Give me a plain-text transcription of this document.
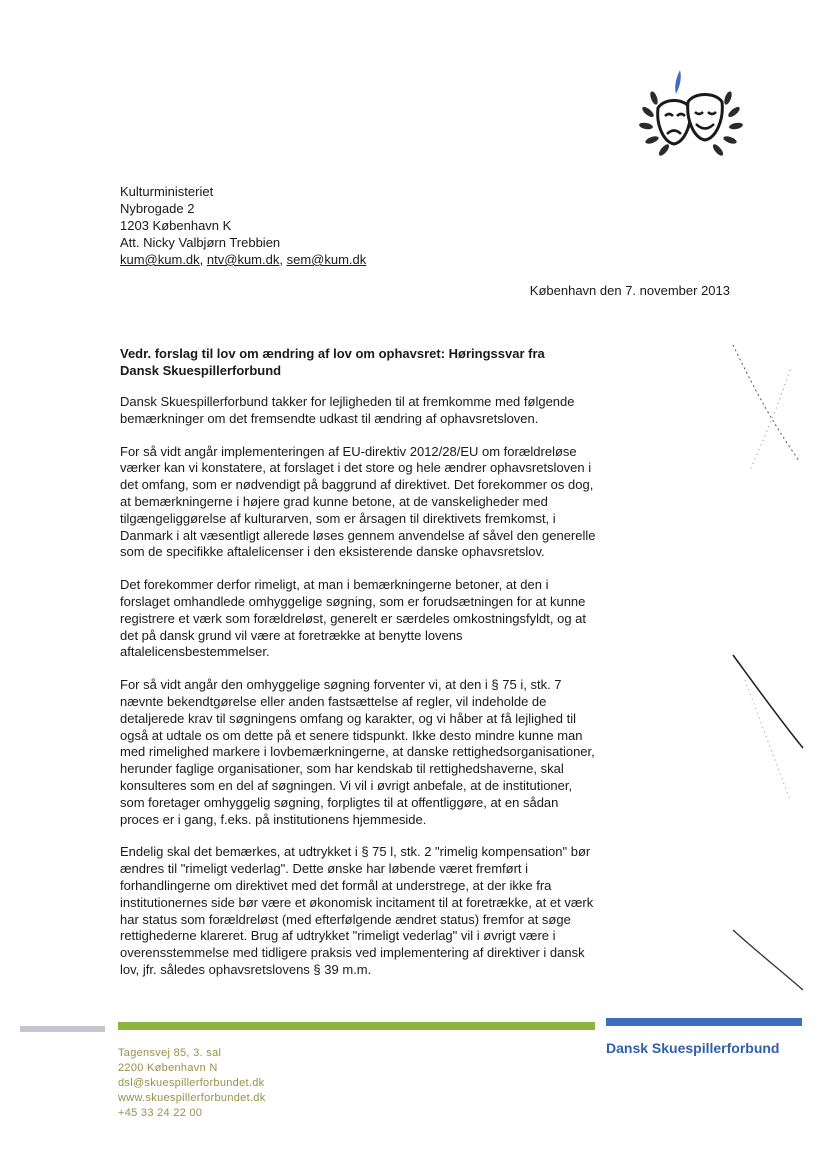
Kulturministeriet
Nybrogade 2
1203 København K
Att. Nicky Valbjørn Trebbien
kum@kum.dk, ntv@kum.dk, sem@kum.dk
København den 7. november 2013
Vedr. forslag til lov om ændring af lov om ophavsret: Høringssvar fra
Dansk Skuespillerforbund

Dansk Skuespillerforbund takker for lejligheden til at fremkomme med følgende bemærkninger om det fremsendte udkast til ændring af ophavsretsloven.

For så vidt angår implementeringen af EU-direktiv 2012/28/EU om forældreløse værker kan vi konstatere, at forslaget i det store og hele ændrer ophavsretsloven i det omfang, som er nødvendigt på baggrund af direktivet. Det forekommer os dog, at bemærkningerne i højere grad kunne betone, at de vanskeligheder med tilgængeliggørelse af kulturarven, som er årsagen til direktivets fremkomst, i Danmark i alt væsentligt allerede løses gennem anvendelse af såvel den generelle som de specifikke aftalelicenser i den eksisterende danske ophavsretslov.

Det forekommer derfor rimeligt, at man i bemærkningerne betoner, at den i forslaget omhandlede omhyggelige søgning, som er forudsætningen for at kunne registrere et værk som forældreløst, generelt er særdeles omkostningsfyldt, og at det på dansk grund vil være at foretrække at benytte lovens aftalelicensbestemmelser.

For så vidt angår den omhyggelige søgning forventer vi, at den i § 75 i, stk. 7 nævnte bekendtgørelse eller anden fastsættelse af regler, vil indeholde de detaljerede krav til søgningens omfang og karakter, og vi håber at få lejlighed til også at udtale os om dette på et senere tidspunkt. Ikke desto mindre kunne man med rimelighed markere i lovbemærkningerne, at danske rettighedsorganisationer, herunder faglige organisationer, som har kendskab til rettighedshaverne, skal konsulteres som en del af søgningen. Vi vil i øvrigt anbefale, at de institutioner, som foretager omhyggelig søgning, forpligtes til at offentliggøre, at en sådan proces er i gang, f.eks. på institutionens hjemmeside.

Endelig skal det bemærkes, at udtrykket i § 75 l, stk. 2 "rimelig kompensation" bør ændres til "rimeligt vederlag". Dette ønske har løbende været fremført i forhandlingerne om direktivet med det formål at understrege, at der ikke fra institutionernes side bør være et økonomisk incitament til at foretrække, at et værk har status som forældreløst (med efterfølgende ændret status) fremfor at søge rettighederne klareret. Brug af udtrykket "rimeligt vederlag" vil i øvrigt være i overensstemmelse med tidligere praksis ved implementering af direktiver i dansk lov, jfr. således ophavsretslovens § 39 m.m.

Dansk Skuespillerforbund
Tagensvej 85, 3. sal
2200 København N
dsl@skuespillerforbundet.dk
www.skuespillerforbundet.dk
+45 33 24 22 00
